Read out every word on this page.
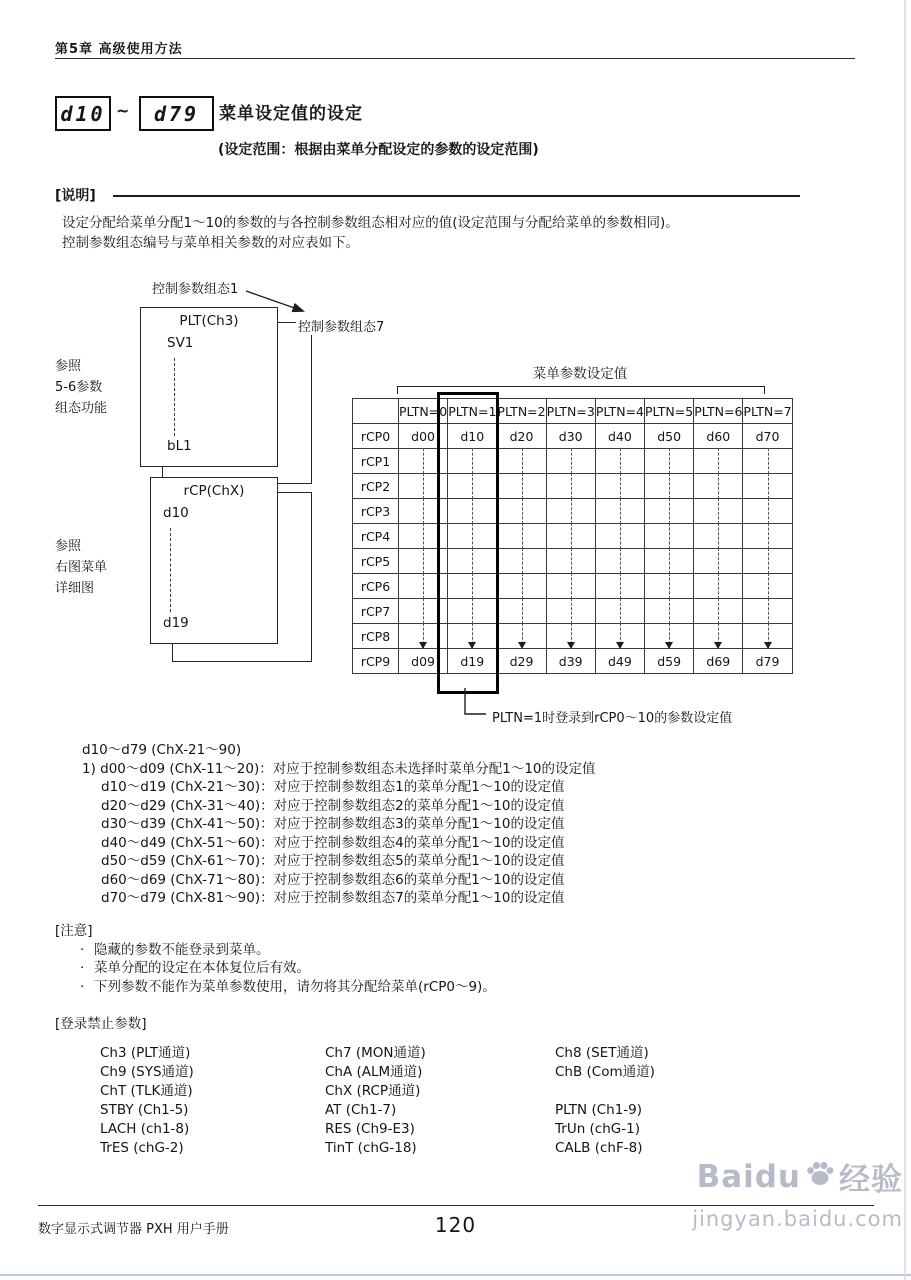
第5章 高级使用方法
d10 ~	d79	菜单设定值的设定
(设定范围：根据由菜单分配设定的参数的设定范围)
[说明]
设定分配给菜单分配1～10的参数的与各控制参数组态相对应的值(设定范围与分配给菜单的参数相同)。
控制参数组态编号与菜单相关参数的对应表如下。
PLT(Ch3)
SV1
bL1
rCP(ChX)
d10
d19
控制参数组态1
控制参数组态7
参照
5-6参数
组态功能
参照
右图菜单
详细图
菜单参数设定值
	PLTN=0	PLTN=1	PLTN=2	PLTN=3	PLTN=4	PLTN=5	PLTN=6	PLTN=7
rCP0	d00	d10	d20	d30	d40	d50	d60	d70
rCP1								
rCP2								
rCP3								
rCP4								
rCP5								
rCP6								
rCP7								
rCP8								
rCP9	d09	d19	d29	d39	d49	d59	d69	d79
PLTN=1时登录到rCP0～10的参数设定值
d10～d79 (ChX-21～90)
1) d00～d09 (ChX-11～20)：对应于控制参数组态未选择时菜单分配1～10的设定值
d10～d19 (ChX-21～30)：对应于控制参数组态1的菜单分配1～10的设定值
d20～d29 (ChX-31～40)：对应于控制参数组态2的菜单分配1～10的设定值
d30～d39 (ChX-41～50)：对应于控制参数组态3的菜单分配1～10的设定值
d40～d49 (ChX-51～60)：对应于控制参数组态4的菜单分配1～10的设定值
d50～d59 (ChX-61～70)：对应于控制参数组态5的菜单分配1～10的设定值
d60～d69 (ChX-71～80)：对应于控制参数组态6的菜单分配1～10的设定值
d70～d79 (ChX-81～90)：对应于控制参数组态7的菜单分配1～10的设定值
[注意]
· 隐藏的参数不能登录到菜单。
· 菜单分配的设定在本体复位后有效。
· 下列参数不能作为菜单参数使用，请勿将其分配给菜单(rCP0～9)。
[登录禁止参数]
Ch3 (PLT通道)	Ch7 (MON通道)	Ch8 (SET通道)
Ch9 (SYS通道)	ChA (ALM通道)	ChB (Com通道)
ChT (TLK通道)	ChX (RCP通道)
STBY (Ch1-5)	AT (Ch1-7)	PLTN (Ch1-9)
LACH (ch1-8)	RES (Ch9-E3)	TrUn (chG-1)
TrES (chG-2)	TinT (chG-18)	CALB (chF-8)
数字显示式调节器 PXH 用户手册	120
Baidu 经验
jingyan.baidu.com
